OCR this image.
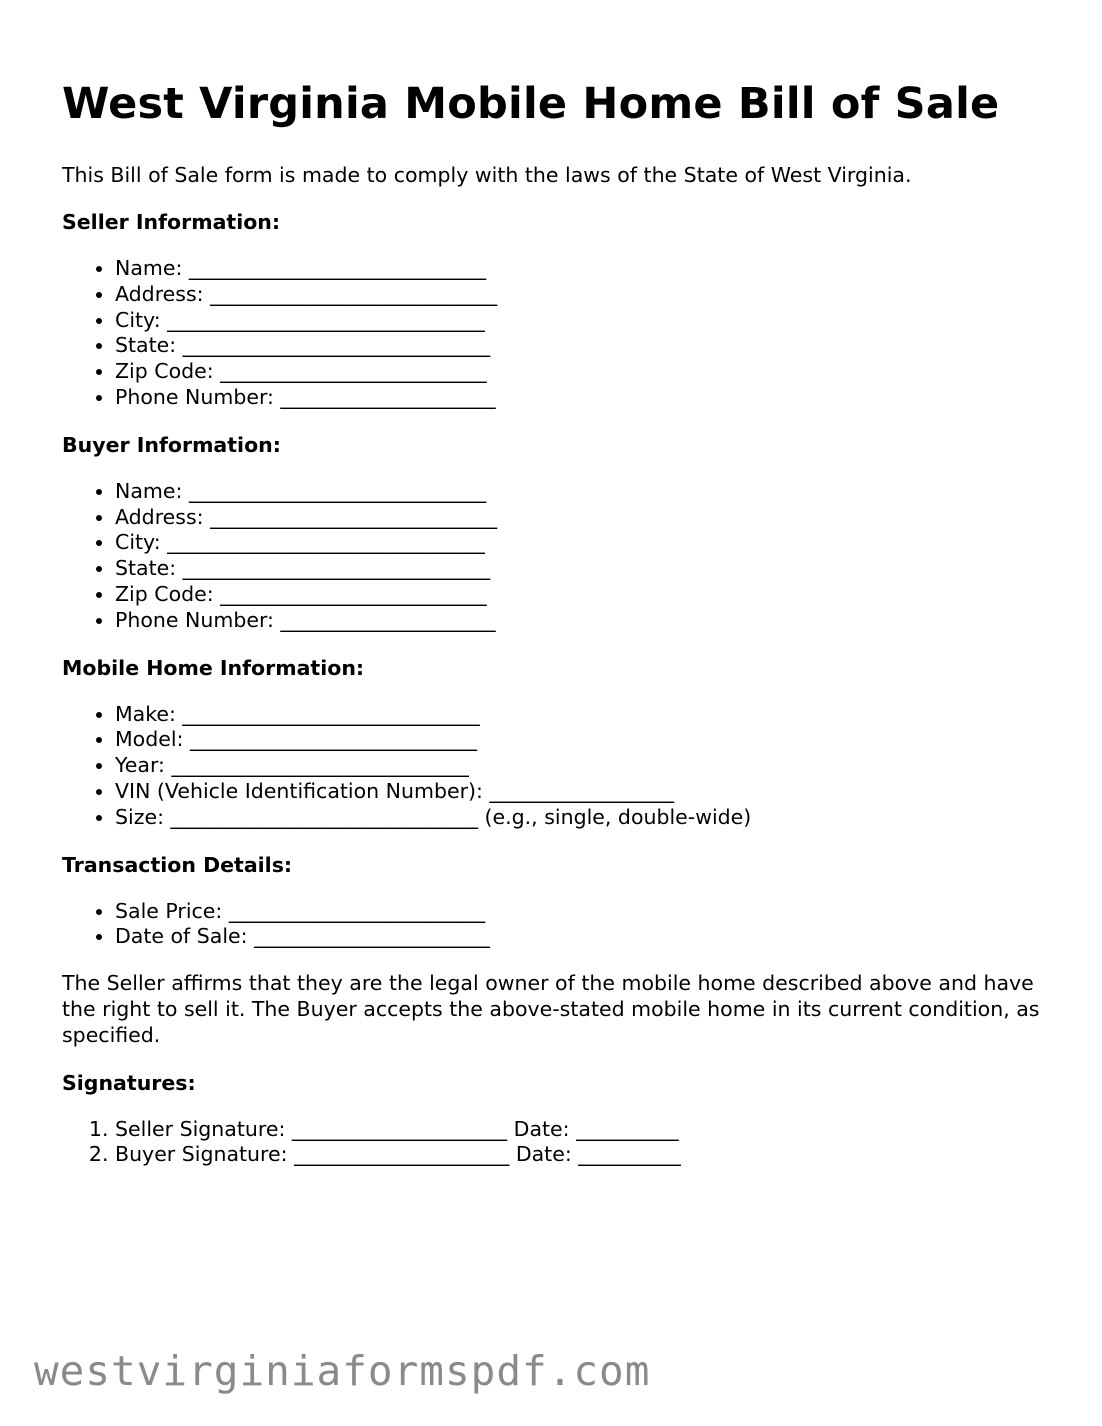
West Virginia Mobile Home Bill of Sale

This Bill of Sale form is made to comply with the laws of the State of West Virginia.

Seller Information:
• Name: _____________________________
• Address: ____________________________
• City: _______________________________
• State: ______________________________
• Zip Code: __________________________
• Phone Number: _____________________
Buyer Information:
• Name: _____________________________
• Address: ____________________________
• City: _______________________________
• State: ______________________________
• Zip Code: __________________________
• Phone Number: _____________________
Mobile Home Information:
• Make: _____________________________
• Model: ____________________________
• Year: _____________________________
• VIN (Vehicle Identification Number): __________________
• Size: ______________________________ (e.g., single, double-wide)
Transaction Details:
• Sale Price: _________________________
• Date of Sale: _______________________

The Seller affirms that they are the legal owner of the mobile home described above and have the right to sell it. The Buyer accepts the above-stated mobile home in its current condition, as specified.

Signatures:
1. Seller Signature: _____________________ Date: __________
2. Buyer Signature: _____________________ Date: __________
westvirginiaformspdf.com
